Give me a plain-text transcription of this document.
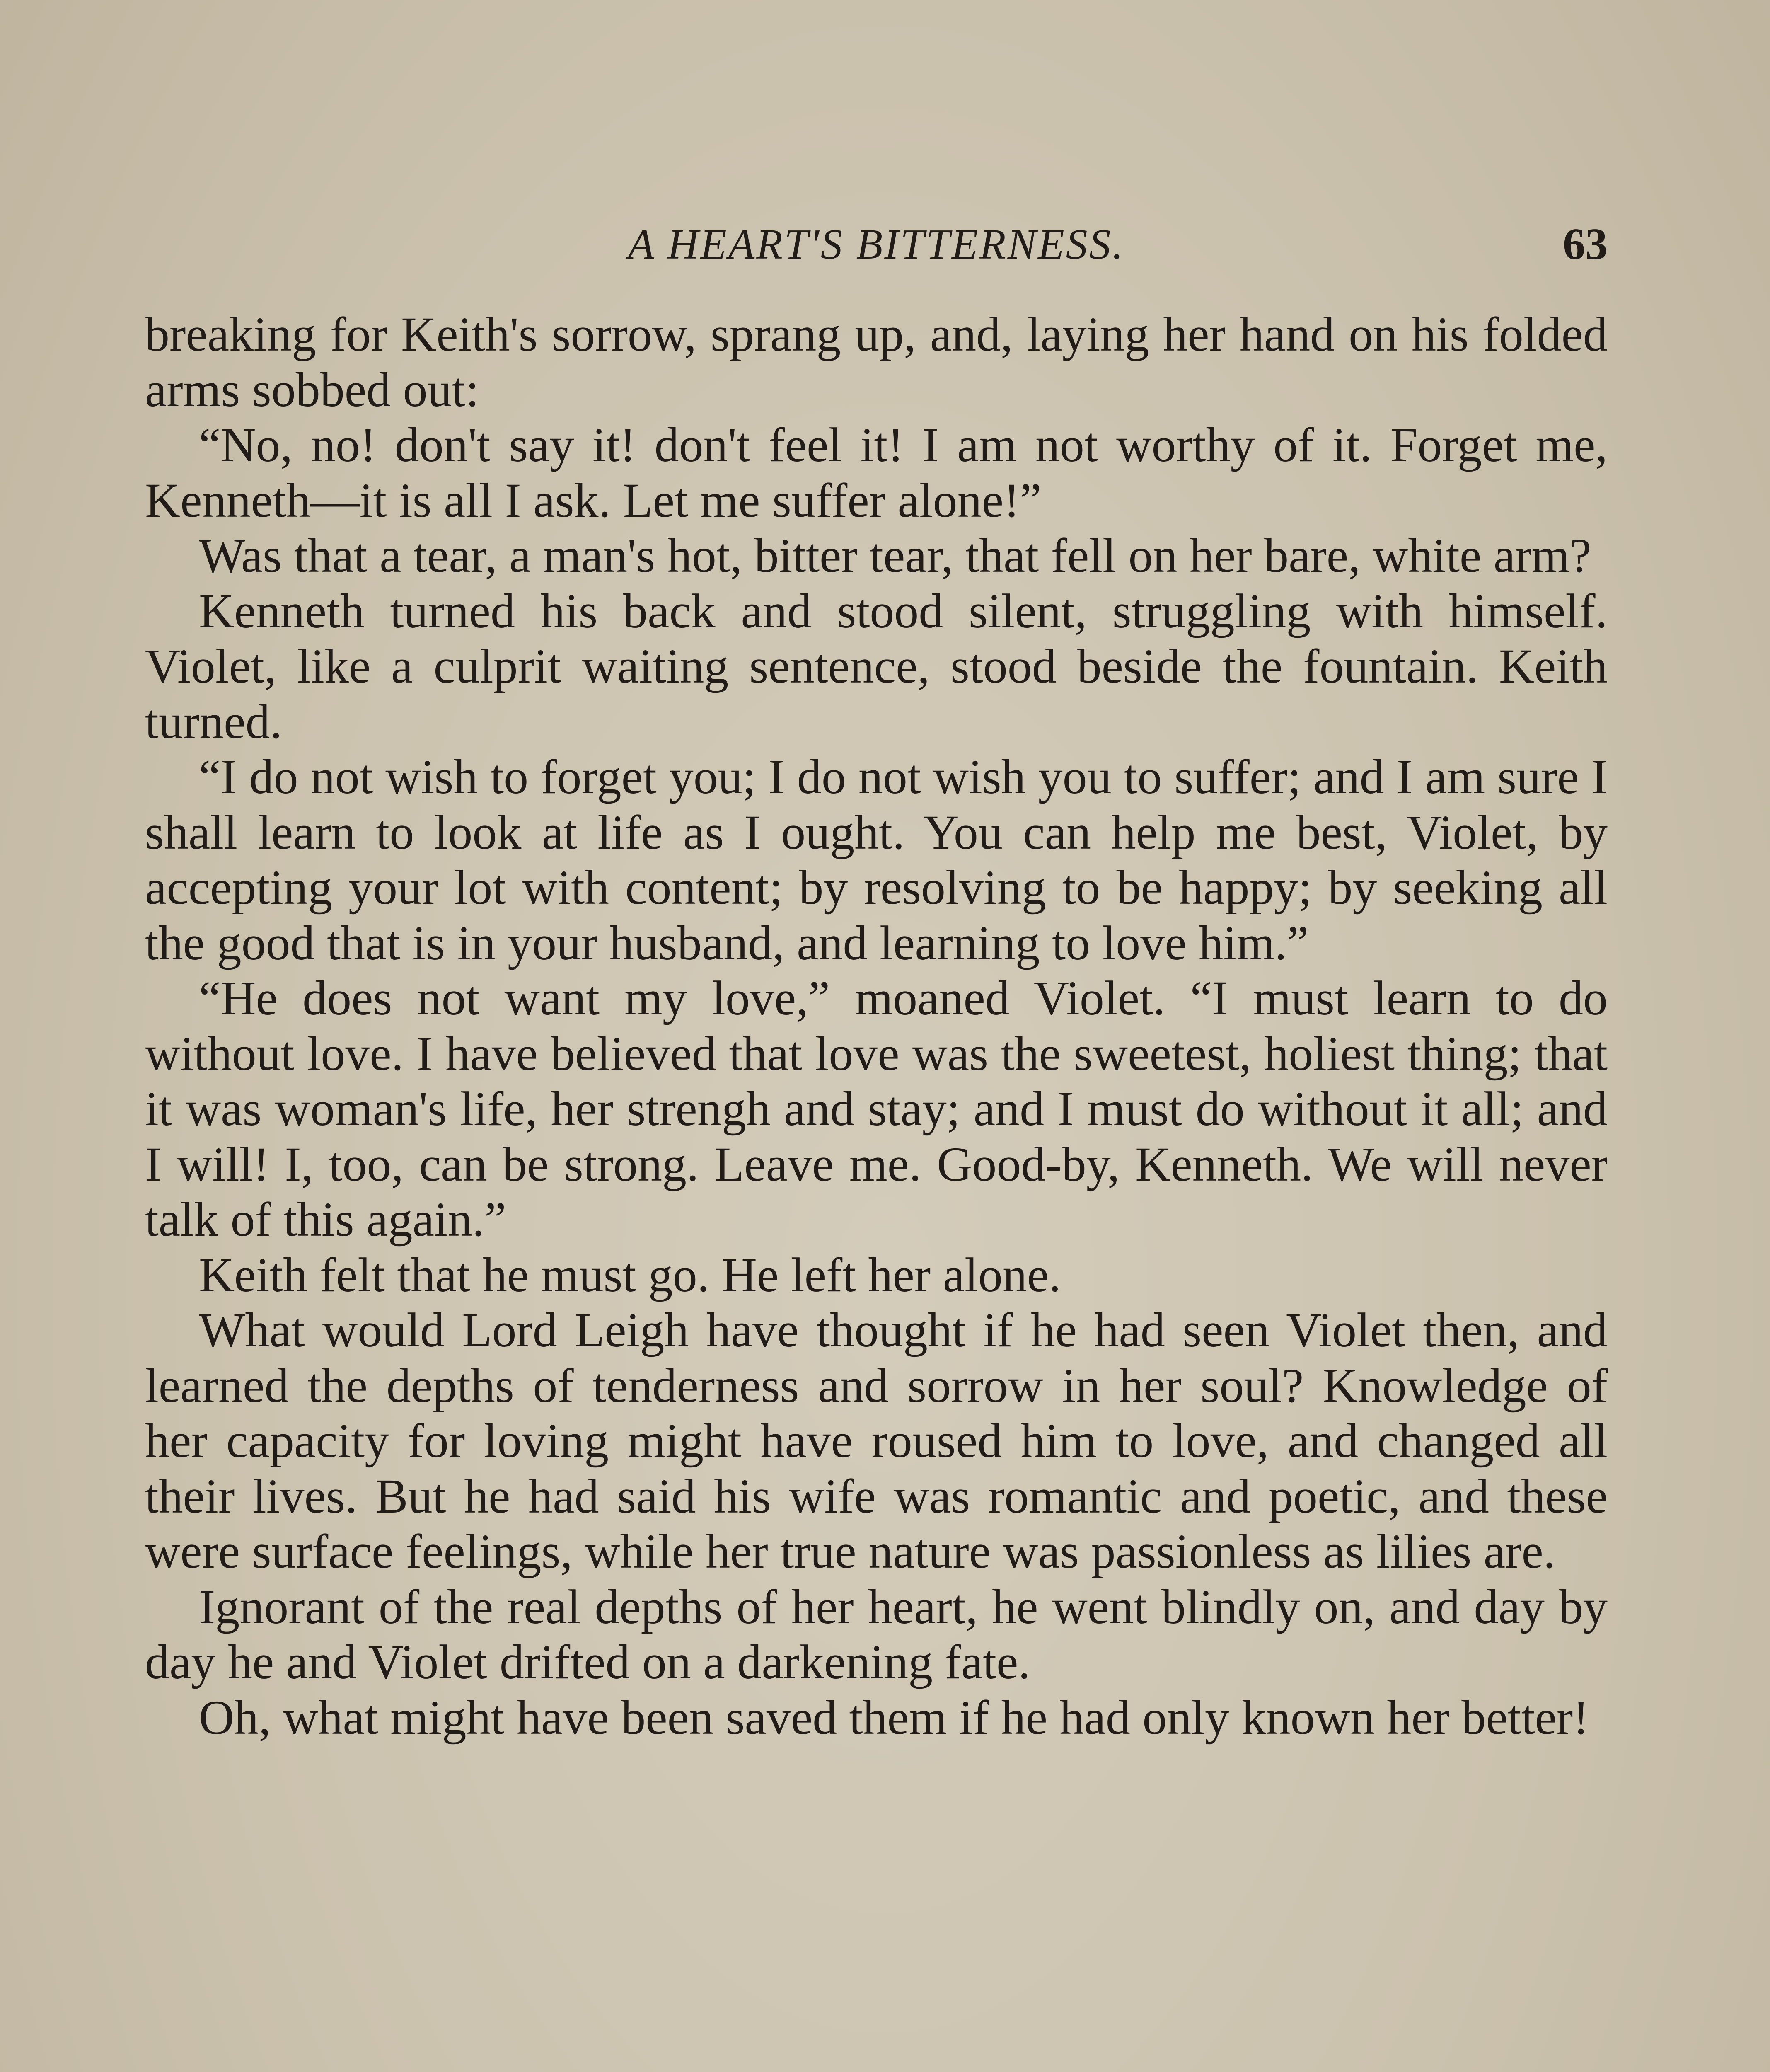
A HEART'S BITTERNESS.	63

breaking for Keith's sorrow, sprang up, and, laying her hand on his folded arms sobbed out:

“No, no! don't say it! don't feel it! I am not worthy of it. Forget me, Kenneth—it is all I ask. Let me suffer alone!”

Was that a tear, a man's hot, bitter tear, that fell on her bare, white arm?

Kenneth turned his back and stood silent, struggling with himself. Violet, like a culprit waiting sentence, stood beside the fountain. Keith turned.

“I do not wish to forget you; I do not wish you to suffer; and I am sure I shall learn to look at life as I ought. You can help me best, Violet, by accepting your lot with content; by resolving to be happy; by seeking all the good that is in your husband, and learning to love him.”

“He does not want my love,” moaned Violet. “I must learn to do without love. I have believed that love was the sweetest, holiest thing; that it was woman's life, her strengh and stay; and I must do without it all; and I will! I, too, can be strong. Leave me. Good-by, Kenneth. We will never talk of this again.”

Keith felt that he must go. He left her alone.

What would Lord Leigh have thought if he had seen Violet then, and learned the depths of tenderness and sorrow in her soul? Knowledge of her capacity for loving might have roused him to love, and changed all their lives. But he had said his wife was romantic and poetic, and these were surface feelings, while her true nature was passionless as lilies are.

Ignorant of the real depths of her heart, he went blindly on, and day by day he and Violet drifted on a darkening fate.

Oh, what might have been saved them if he had only known her better!
